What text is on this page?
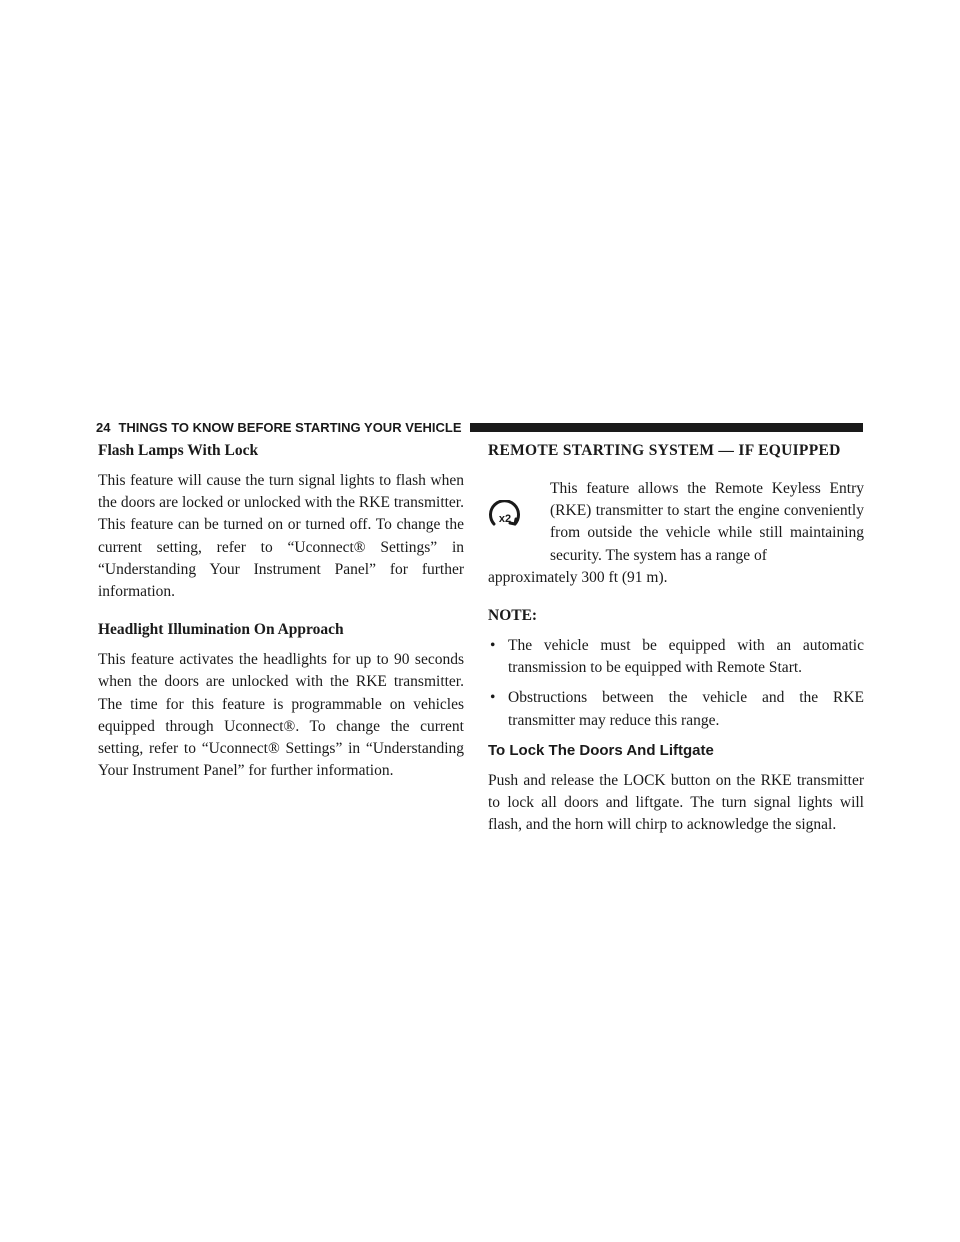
24 THINGS TO KNOW BEFORE STARTING YOUR VEHICLE
Flash Lamps With Lock

This feature will cause the turn signal lights to flash when the doors are locked or unlocked with the RKE transmitter. This feature can be turned on or turned off. To change the current setting, refer to “Uconnect® Settings” in “Understanding Your Instrument Panel” for further information.

Headlight Illumination On Approach

This feature activates the headlights for up to 90 seconds when the doors are unlocked with the RKE transmitter. The time for this feature is programmable on vehicles equipped through Uconnect®. To change the current setting, refer to “Uconnect® Settings” in “Understanding Your Instrument Panel” for further information.

REMOTE STARTING SYSTEM — IF EQUIPPED
x2

This feature allows the Remote Keyless Entry (RKE) transmitter to start the engine conveniently from outside the vehicle while still maintaining security. The system has a range of

approximately 300 ft (91 m).

NOTE:

• The vehicle must be equipped with an automatic transmission to be equipped with Remote Start.
• Obstructions between the vehicle and the RKE transmitter may reduce this range.
To Lock The Doors And Liftgate

Push and release the LOCK button on the RKE transmitter to lock all doors and liftgate. The turn signal lights will flash, and the horn will chirp to acknowledge the signal.
